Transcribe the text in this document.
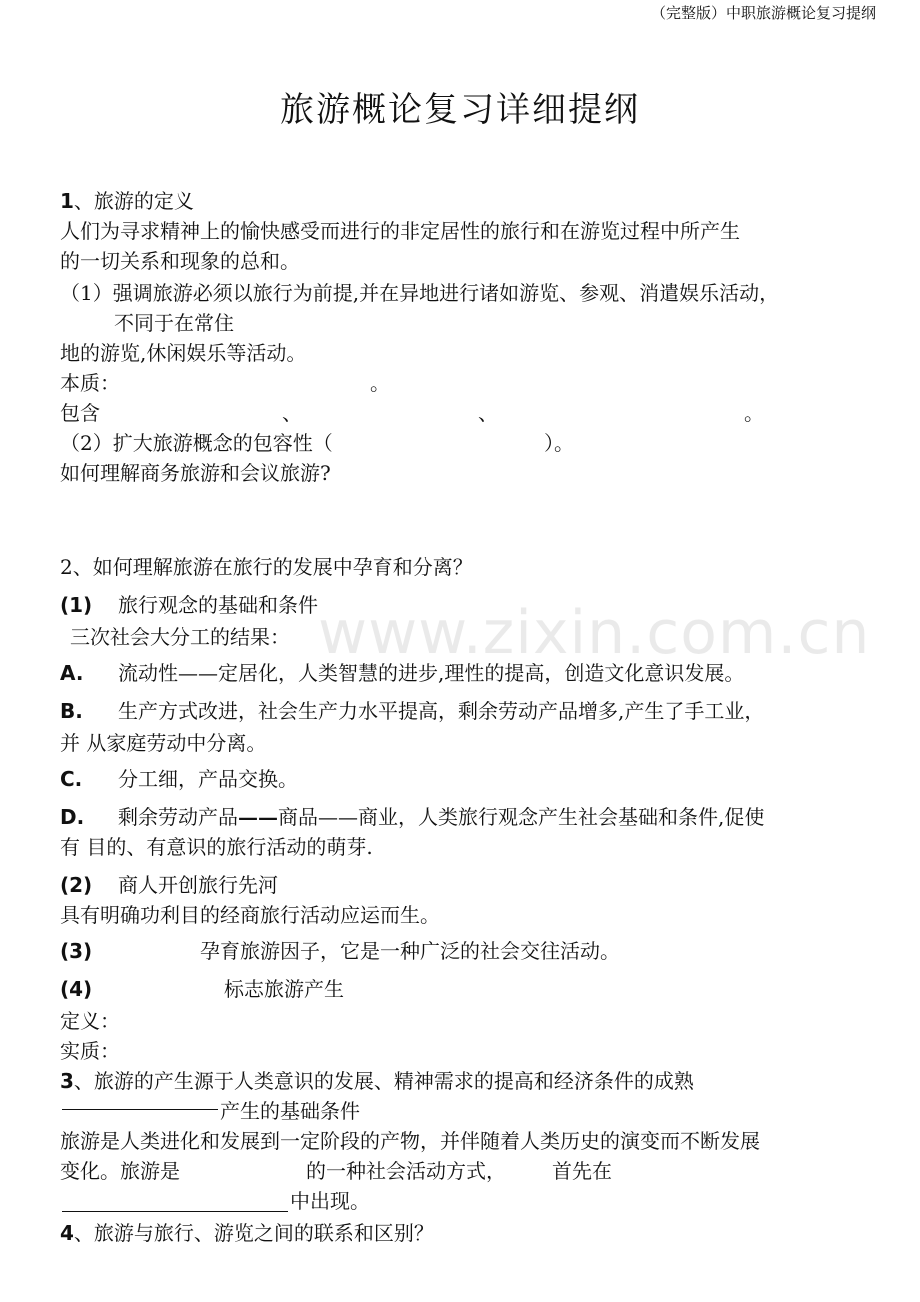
（完整版）中职旅游概论复习提纲
旅游概论复习详细提纲
www.zixin.com.cn
1、旅游的定义
人们为寻求精神上的愉快感受而进行的非定居性的旅行和在游览过程中所产生
的一切关系和现象的总和。
（1）强调旅游必须以旅行为前提,并在异地进行诸如游览、参观、消遣娱乐活动，
不同于在常住
地的游览,休闲娱乐等活动。
本质：	。
包含	、	、	。
（2）扩大旅游概念的包容性（	）。
如何理解商务旅游和会议旅游?
2、如何理解旅游在旅行的发展中孕育和分离？
(1) 旅行观念的基础和条件
三次社会大分工的结果：
A. 流动性——定居化，人类智慧的进步,理性的提高，创造文化意识发展。
B. 生产方式改进，社会生产力水平提高，剩余劳动产品增多,产生了手工业，
并 从家庭劳动中分离。
C. 分工细，产品交换。
D. 剩余劳动产品——商品——商业，人类旅行观念产生社会基础和条件,促使
有 目的、有意识的旅行活动的萌芽.
(2) 商人开创旅行先河
具有明确功利目的经商旅行活动应运而生。
(3)	孕育旅游因子，它是一种广泛的社会交往活动。
(4)	标志旅游产生
定义：
实质：
3、旅游的产生源于人类意识的发展、精神需求的提高和经济条件的成熟
产生的基础条件
旅游是人类进化和发展到一定阶段的产物，并伴随着人类历史的演变而不断发展
变化。旅游是	的一种社会活动方式， 首先在
中出现。
4、旅游与旅行、游览之间的联系和区别？
